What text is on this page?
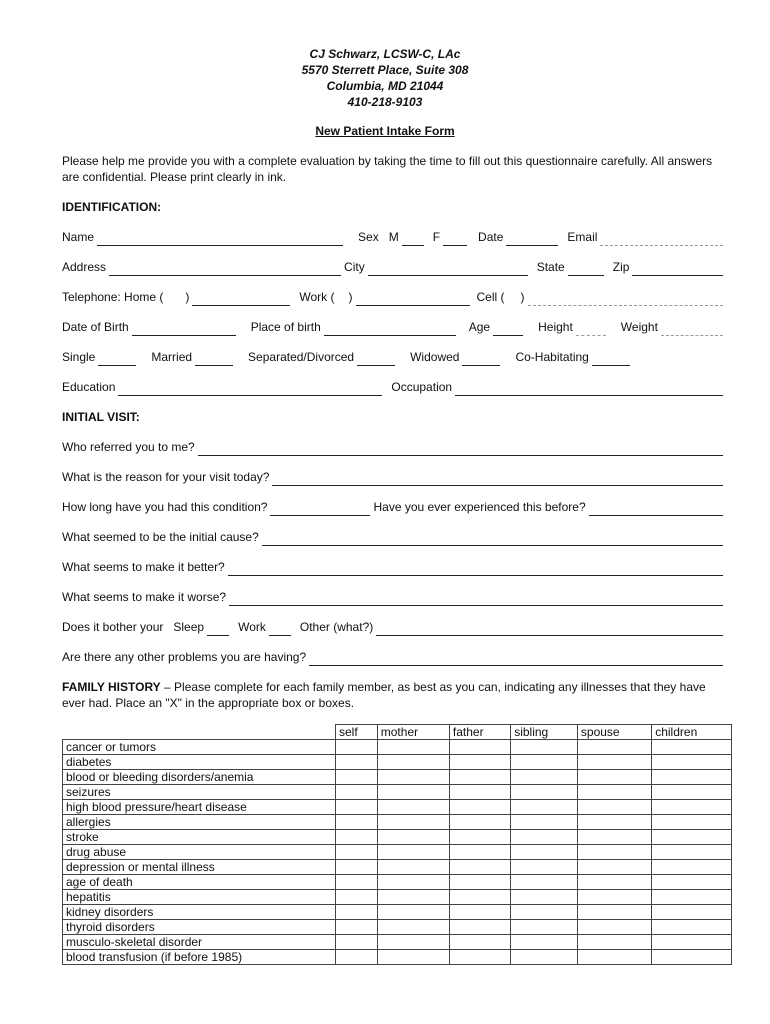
CJ Schwarz, LCSW-C, LAc
5570 Sterrett Place, Suite 308
Columbia, MD 21044
410-218-9103
New Patient Intake Form
Please help me provide you with a complete evaluation by taking the time to fill out this questionnaire carefully. All answers are confidential. Please print clearly in ink.
IDENTIFICATION:
Name	Sex M	F	Date	Email
Address	City	State	Zip
Telephone: Home ( )	Work ( )	Cell ( )
Date of Birth	Place of birth	Age	Height	Weight
Single	Married	Separated/Divorced	Widowed	Co-Habitating
Education	Occupation
INITIAL VISIT:
Who referred you to me?
What is the reason for your visit today?
How long have you had this condition?	Have you ever experienced this before?
What seemed to be the initial cause?
What seems to make it better?
What seems to make it worse?
Does it bother your Sleep	Work	Other (what?)
Are there any other problems you are having?
FAMILY HISTORY – Please complete for each family member, as best as you can, indicating any illnesses that they have ever had. Place an "X" in the appropriate box or boxes.
	self	mother	father	sibling	spouse	children
cancer or tumors						
diabetes						
blood or bleeding disorders/anemia						
seizures						
high blood pressure/heart disease						
allergies						
stroke						
drug abuse						
depression or mental illness						
age of death						
hepatitis						
kidney disorders						
thyroid disorders						
musculo-skeletal disorder						
blood transfusion (if before 1985)						
